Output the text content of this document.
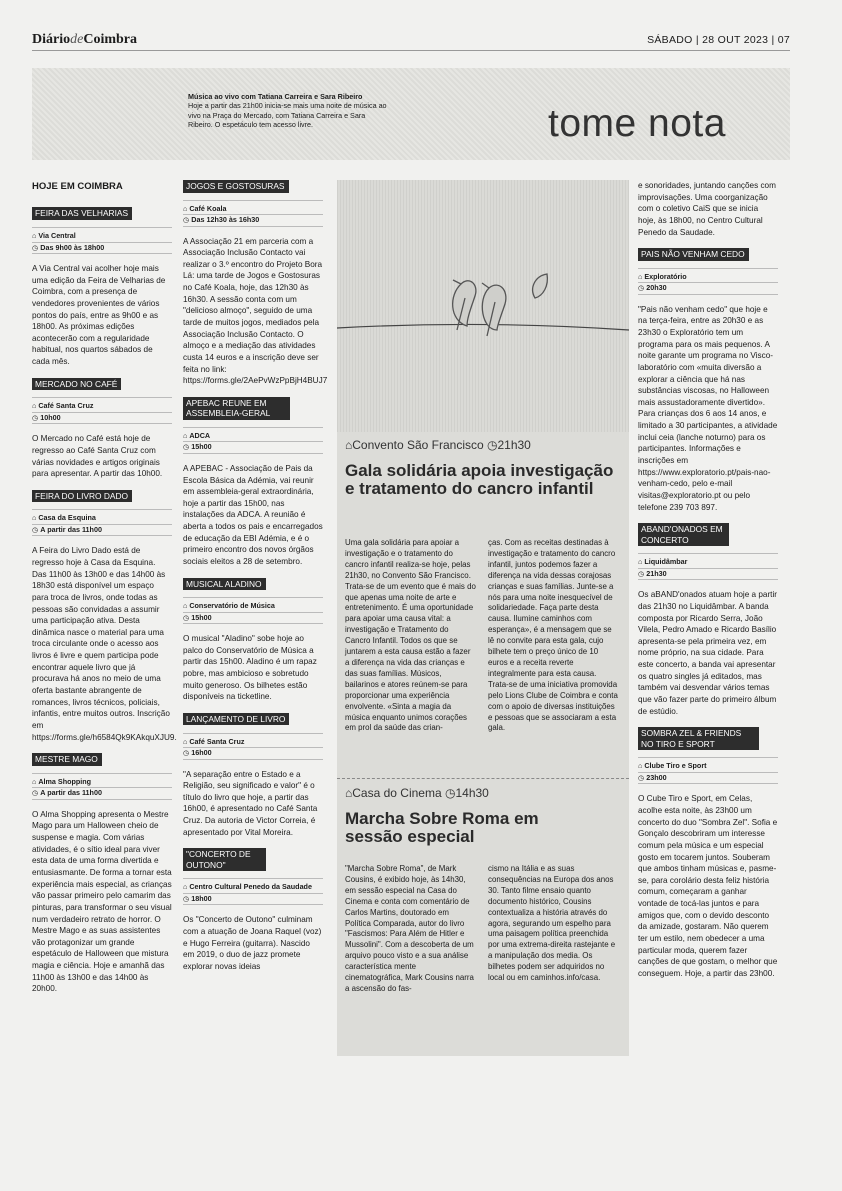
DiáriodeCoimbra	SÁBADO | 28 OUT 2023 | 07
Música ao vivo com Tatiana Carreira e Sara Ribeiro
Hoje a partir das 21h00 inicia-se mais uma noite de música ao vivo na Praça do Mercado, com Tatiana Carreira e Sara Ribeiro. O espetáculo tem acesso livre.	tome nota
HOJE EM COIMBRA
FEIRA DAS VELHARIAS
⌂ Via Central
◷ Das 9h00 às 18h00

A Via Central vai acolher hoje mais uma edição da Feira de Velharias de Coimbra, com a presença de vendedores provenientes de vários pontos do país, entre as 9h00 e as 18h00. As próximas edições acontecerão com a regularidade habitual, nos quartos sábados de cada mês.

MERCADO NO CAFÉ
⌂ Café Santa Cruz
◷ 10h00

O Mercado no Café está hoje de regresso ao Café Santa Cruz com várias novidades e artigos originais para apresentar. A partir das 10h00.

FEIRA DO LIVRO DADO
⌂ Casa da Esquina
◷ A partir das 11h00

A Feira do Livro Dado está de regresso hoje à Casa da Esquina. Das 11h00 às 13h00 e das 14h00 às 18h30 está disponível um espaço para troca de livros, onde todas as pessoas são convidadas a assumir uma participação ativa. Desta dinâmica nasce o material para uma troca circulante onde o acesso aos livros é livre e quem participa pode encontrar aquele livro que já procurava há anos no meio de uma oferta bastante abrangente de romances, livros técnicos, policiais, infantis, entre muitos outros. Inscrição em https://forms.gle/h6584Qk9KAkquXJU9.

MESTRE MAGO
⌂ Alma Shopping
◷ A partir das 11h00

O Alma Shopping apresenta o Mestre Mago para um Halloween cheio de suspense e magia. Com várias atividades, é o sítio ideal para viver esta data de uma forma divertida e entusiasmante. De forma a tornar esta experiência mais especial, as crianças vão passar primeiro pelo camarim das pinturas, para transformar o seu visual num verdadeiro retrato de horror. O Mestre Mago e as suas assistentes vão protagonizar um grande espetáculo de Halloween que mistura magia e ciência. Hoje e amanhã das 11h00 às 13h00 e das 14h00 às 20h00.

JOGOS E GOSTOSURAS
⌂ Café Koala
◷ Das 12h30 às 16h30

A Associação 21 em parceria com a Associação Inclusão Contacto vai realizar o 3.º encontro do Projeto Bora Lá: uma tarde de Jogos e Gostosuras no Café Koala, hoje, das 12h30 às 16h30. A sessão conta com um "delicioso almoço", seguido de uma tarde de muitos jogos, mediados pela Associação Inclusão Contacto. O almoço e a mediação das atividades custa 14 euros e a inscrição deve ser feita no link: https://forms.gle/2AePvWzPpBjH4BUJ7

APEBAC REUNE EM ASSEMBLEIA-GERAL
⌂ ADCA
◷ 15h00

A APEBAC - Associação de Pais da Escola Básica da Adémia, vai reunir em assembleia-geral extraordinária, hoje a partir das 15h00, nas instalações da ADCA. A reunião é aberta a todos os pais e encarregados de educação da EBI Adémia, e é o primeiro encontro dos novos órgãos sociais eleitos a 28 de setembro.

MUSICAL ALADINO
⌂ Conservatório de Música
◷ 15h00

O musical "Aladino" sobe hoje ao palco do Conservatório de Música a partir das 15h00. Aladino é um rapaz pobre, mas ambicioso e sobretudo muito generoso. Os bilhetes estão disponíveis na ticketline.

LANÇAMENTO DE LIVRO
⌂ Café Santa Cruz
◷ 16h00

"A separação entre o Estado e a Religião, seu significado e valor" é o título do livro que hoje, a partir das 16h00, é apresentado no Café Santa Cruz. Da autoria de Victor Correia, é apresentado por Vital Moreira.

"CONCERTO DE OUTONO"
⌂ Centro Cultural Penedo da Saudade
◷ 18h00

Os "Concerto de Outono" culminam com a atuação de Joana Raquel (voz) e Hugo Ferreira (guitarra). Nascido em 2019, o duo de jazz promete explorar novas ideias

⌂Convento São Francisco ◷21h30
Gala solidária apoia investigação e tratamento do cancro infantil
Uma gala solidária para apoiar a investigação e o tratamento do cancro infantil realiza-se hoje, pelas 21h30, no Convento São Francisco. Trata-se de um evento que é mais do que apenas uma noite de arte e entretenimento. É uma oportunidade para apoiar uma causa vital: a investigação e Tratamento do Cancro Infantil. Todos os que se juntarem a esta causa estão a fazer a diferença na vida das crianças e das suas famílias. Músicos, bailarinos e atores reúnem-se para proporcionar uma experiência envolvente. «Sinta a magia da música enquanto unimos corações em prol da saúde das crian-
ças. Com as receitas destinadas à investigação e tratamento do cancro infantil, juntos podemos fazer a diferença na vida dessas corajosas crianças e suas famílias. Junte-se a nós para uma noite inesquecível de solidariedade. Faça parte desta causa. Ilumine caminhos com esperança», é a mensagem que se lê no convite para esta gala, cujo bilhete tem o preço único de 10 euros e a receita reverte integralmente para esta causa. Trata-se de uma iniciativa promovida pelo Lions Clube de Coimbra e conta com o apoio de diversas instituições e pessoas que se associaram a esta gala.
⌂Casa do Cinema ◷14h30
Marcha Sobre Roma em sessão especial
"Marcha Sobre Roma", de Mark Cousins, é exibido hoje, às 14h30, em sessão especial na Casa do Cinema e conta com comentário de Carlos Martins, doutorado em Política Comparada, autor do livro "Fascismos: Para Além de Hitler e Mussolini". Com a descoberta de um arquivo pouco visto e a sua análise característica mente cinematográfica, Mark Cousins narra a ascensão do fas-
cismo na Itália e as suas consequências na Europa dos anos 30. Tanto filme ensaio quanto documento histórico, Cousins contextualiza a história através do agora, segurando um espelho para uma paisagem política preenchida por uma extrema-direita rastejante e a manipulação dos media. Os bilhetes podem ser adquiridos no local ou em caminhos.info/casa.

e sonoridades, juntando canções com improvisações. Uma coorganização com o coletivo CaiS que se inicia hoje, às 18h00, no Centro Cultural Penedo da Saudade.

PAIS NÃO VENHAM CEDO
⌂ Exploratório
◷ 20h30

"Pais não venham cedo" que hoje e na terça-feira, entre as 20h30 e as 23h30 o Exploratório tem um programa para os mais pequenos. A noite garante um programa no Visco-laboratório com «muita diversão a explorar a ciência que há nas substâncias viscosas, no Halloween mais assustadoramente divertido». Para crianças dos 6 aos 14 anos, e limitado a 30 participantes, a atividade inclui ceia (lanche noturno) para os participantes. Informações e inscrições em https://www.exploratorio.pt/pais-nao-venham-cedo, pelo e-mail visitas@exploratorio.pt ou pelo telefone 239 703 897.

ABAND'ONADOS EM CONCERTO
⌂ Liquidâmbar
◷ 21h30

Os aBAND'onados atuam hoje a partir das 21h30 no Liquidâmbar. A banda composta por Ricardo Serra, João Vilela, Pedro Amado e Ricardo Basílio apresenta-se pela primeira vez, em nome próprio, na sua cidade. Para este concerto, a banda vai apresentar os quatro singles já editados, mas também vai desvendar vários temas que vão fazer parte do primeiro álbum de estúdio.

SOMBRA ZEL & FRIENDS NO TIRO E SPORT
⌂ Clube Tiro e Sport
◷ 23h00

O Cube Tiro e Sport, em Celas, acolhe esta noite, às 23h00 um concerto do duo "Sombra Zel". Sofia e Gonçalo descobriram um interesse comum pela música e um especial gosto em tocarem juntos. Souberam que ambos tinham músicas e, pasme-se, para corolário desta feliz história comum, começaram a ganhar vontade de tocá-las juntos e para amigos que, com o devido desconto da amizade, gostaram. Não querem ter um estilo, nem obedecer a uma particular moda, querem fazer canções de que gostam, o melhor que conseguem. Hoje, a partir das 23h00.
